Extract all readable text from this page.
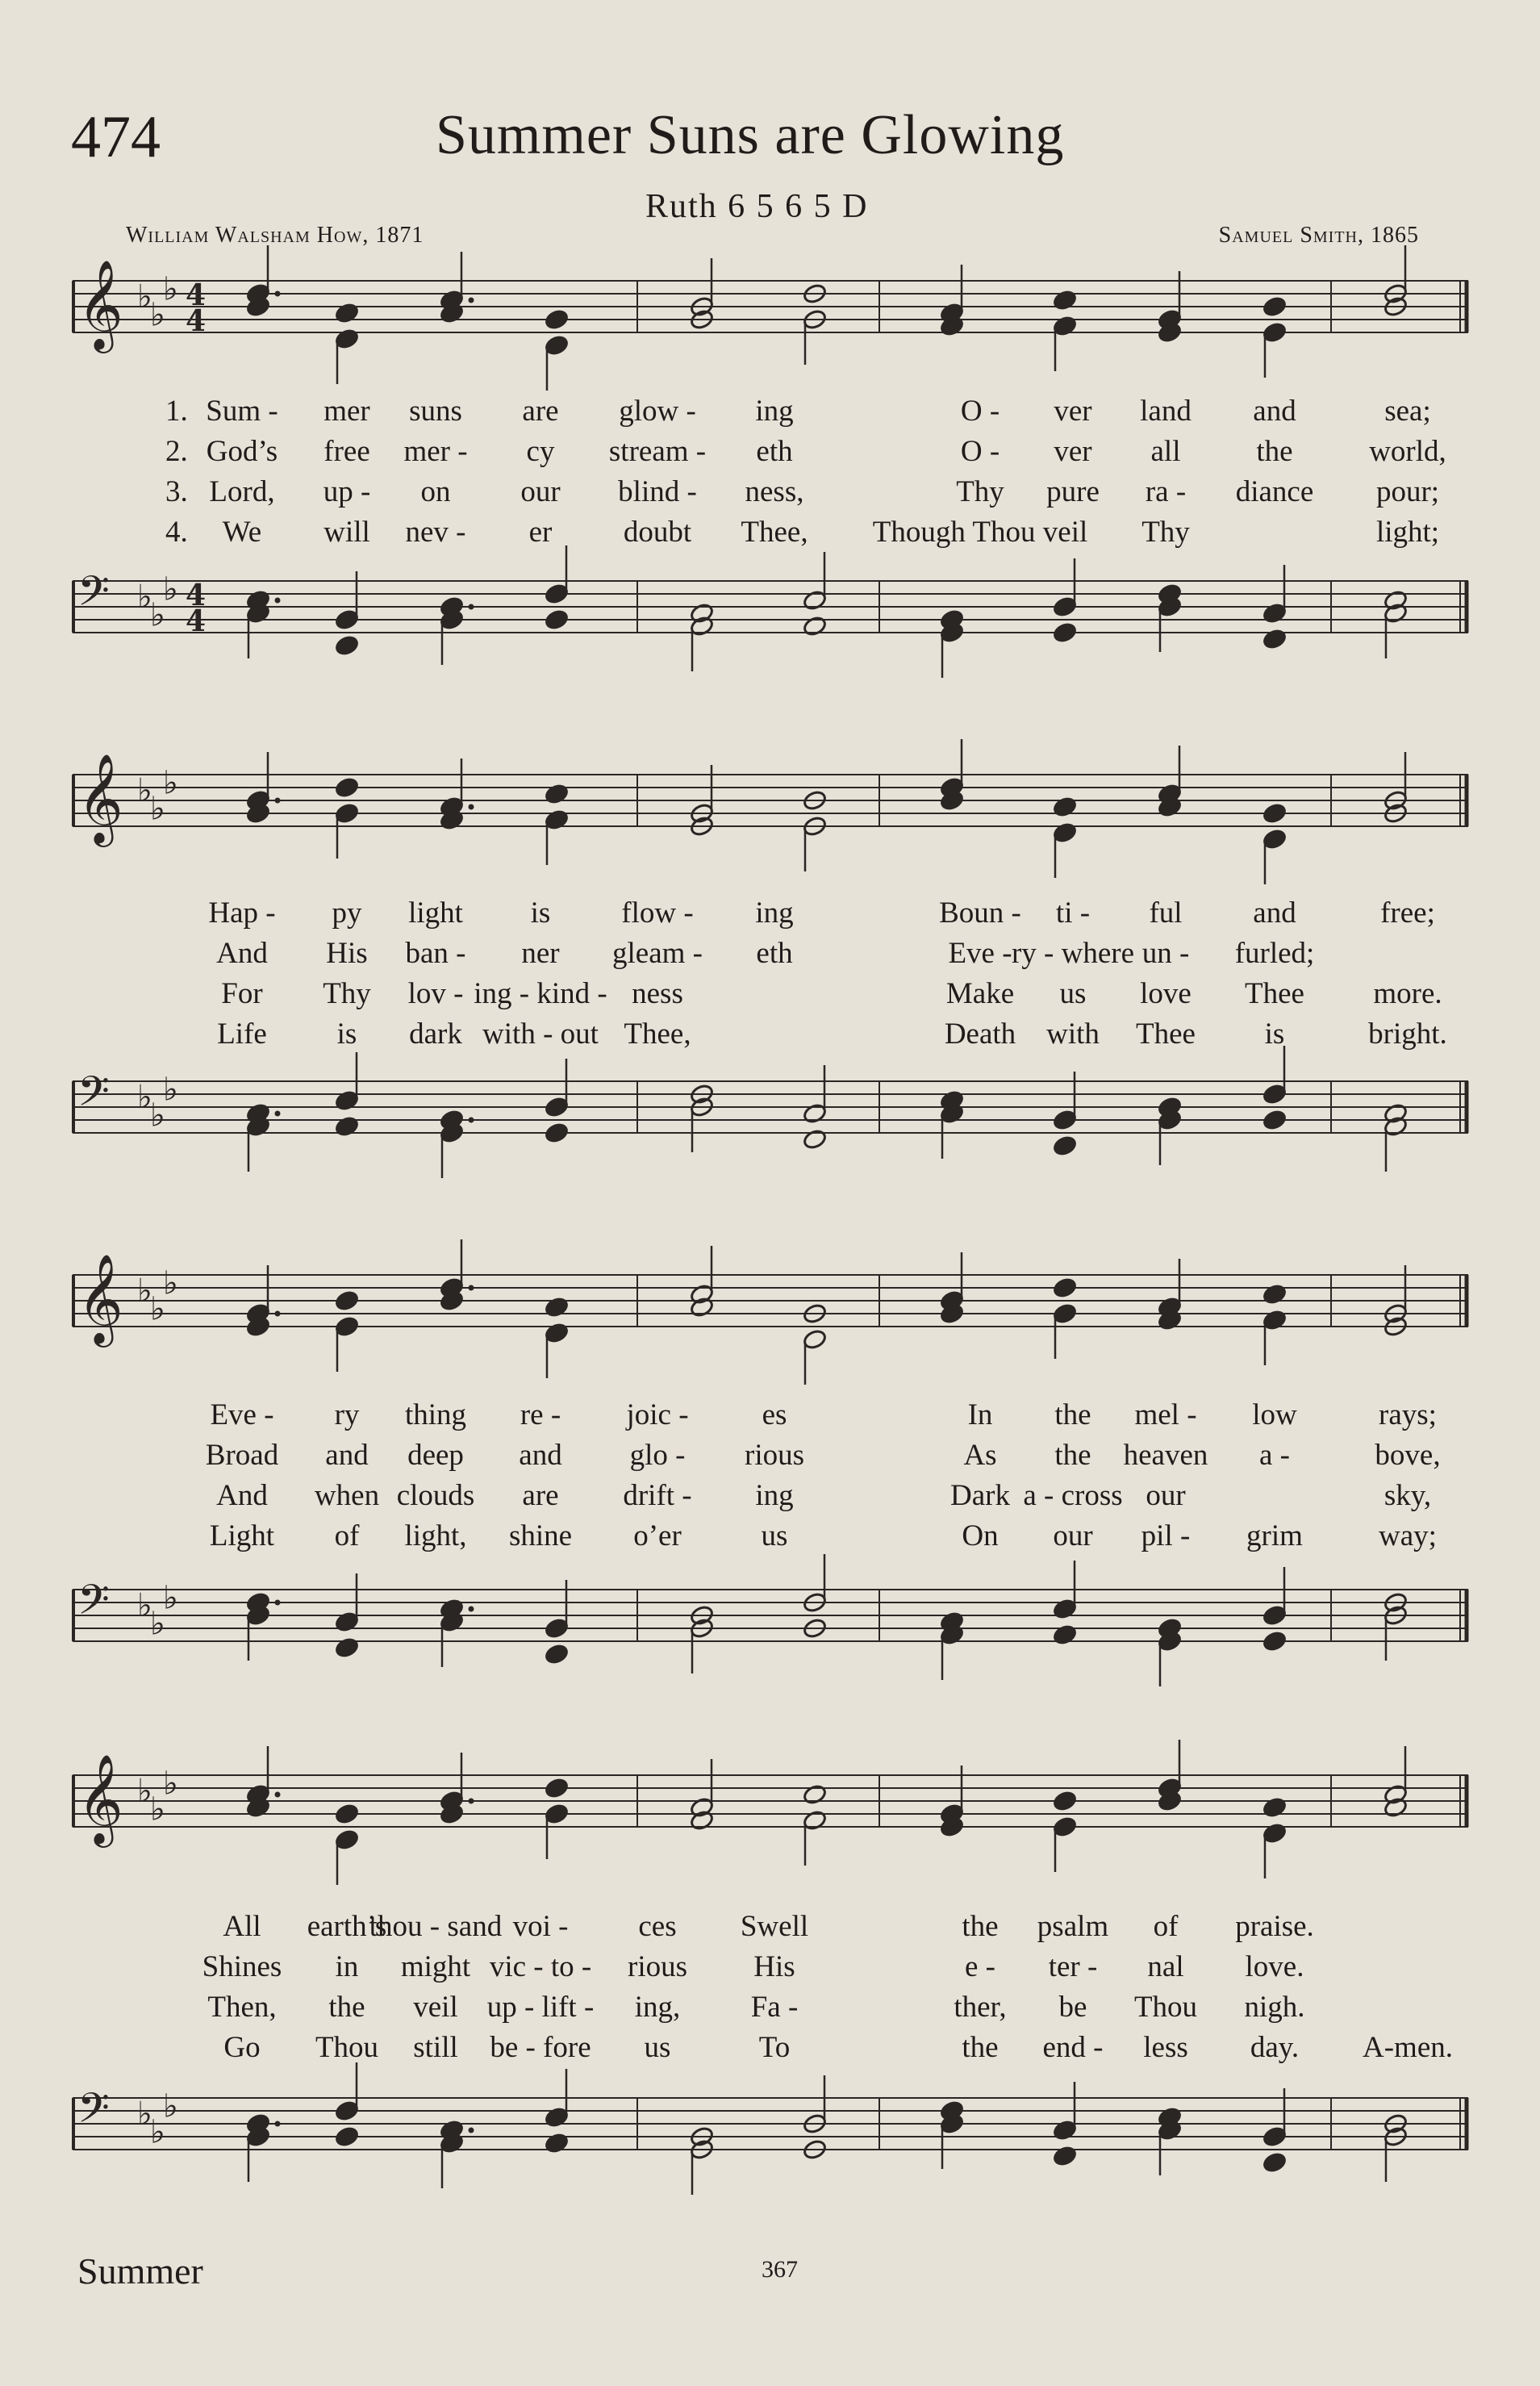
474	Summer Suns are Glowing
Ruth 6 5 6 5 D
William Walsham How, 1871	Samuel Smith, 1865
𝄞 ♭
♭
♭ 4
4
1. Sum - mer suns are glow - ing	O - ver land and	sea;
2. God’s free mer - cy stream - eth	O - ver all	the	world,
3. Lord, up - on our blind - ness,	Thy pure ra - diance pour;
4. We will nev - er doubt Thee, Though Thou veil Thy	light;
𝄢 ♭
♭
♭ 4
4
𝄞 ♭
♭
♭
Hap - py light is flow - ing	Boun - ti - ful and	free;
And His ban - ner gleam - eth	Eve - ry - where un - furled;
For Thy lov - ing - kind - ness	Make us love Thee more.
Life is dark with - out Thee,	Death with Thee is	bright.
𝄢 ♭
♭
♭
𝄞 ♭
♭
♭
Eve - ry thing re - joic - es	In the mel - low	rays;
Broad and deep and glo - rious	As the heaven a -	bove,
And when clouds are drift - ing	Dark a - cross our	sky,
Light of light, shine o’er	us	On our pil - grim	way;
𝄢 ♭
♭
♭
𝄞 ♭
♭
♭
All earth’s
thou - sand voi - ces Swell	the psalm of praise.
Shines in might vic - to - rious His	e - ter - nal love.
Then, the veil up - lift - ing, Fa -	ther, be Thou nigh.
Go Thou still be - fore us	To	the end - less day. A-men.
𝄢 ♭
♭
♭
Summer	367
